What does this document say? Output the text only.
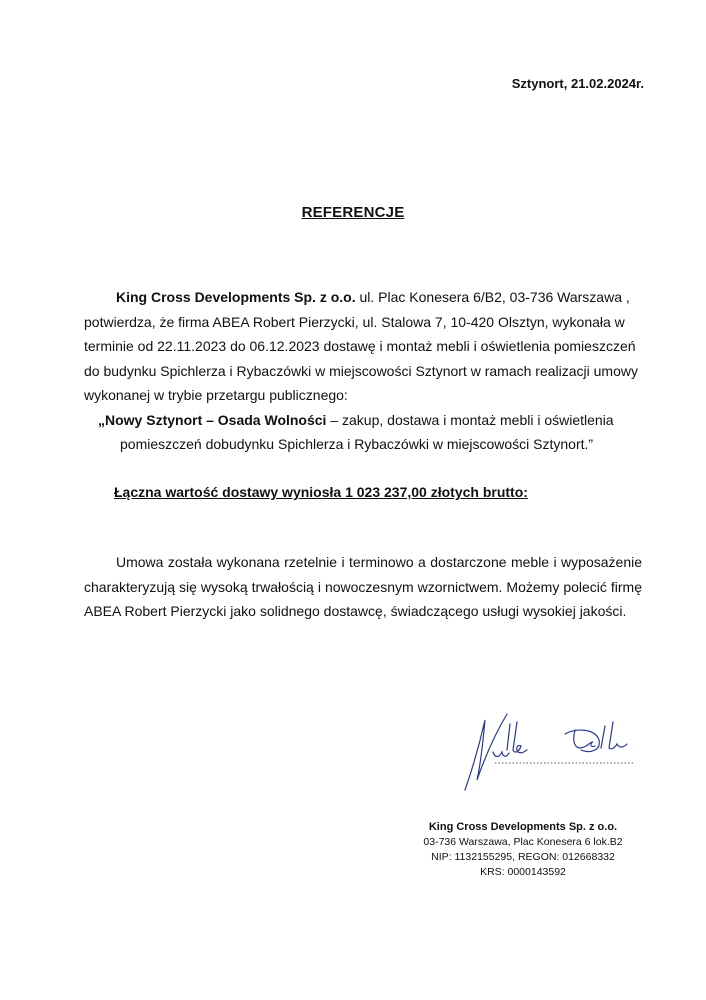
Sztynort, 21.02.2024r.
REFERENCJE
King Cross Developments Sp. z o.o. ul. Plac Konesera 6/B2, 03-736 Warszawa ,
potwierdza, że firma ABEA Robert Pierzycki, ul. Stalowa 7, 10-420 Olsztyn, wykonała w
terminie od 22.11.2023 do 06.12.2023 dostawę i montaż mebli i oświetlenia pomieszczeń
do budynku Spichlerza i Rybaczówki w miejscowości Sztynort w ramach realizacji umowy
wykonanej w trybie przetargu publicznego:
„Nowy Sztynort – Osada Wolności – zakup, dostawa i montaż mebli i oświetlenia
pomieszczeń dobudynku Spichlerza i Rybaczówki w miejscowości Sztynort.”
Łączna wartość dostawy wyniosła 1 023 237,00 złotych brutto:
Umowa została wykonana rzetelnie i terminowo a dostarczone meble i wyposażenie charakteryzują się wysoką trwałością i nowoczesnym wzornictwem. Możemy polecić firmę ABEA Robert Pierzycki jako solidnego dostawcę, świadczącego usługi wysokiej jakości.
King Cross Developments Sp. z o.o.
03-736 Warszawa, Plac Konesera 6 lok.B2
NIP: 1132155295, REGON: 012668332
KRS: 0000143592
